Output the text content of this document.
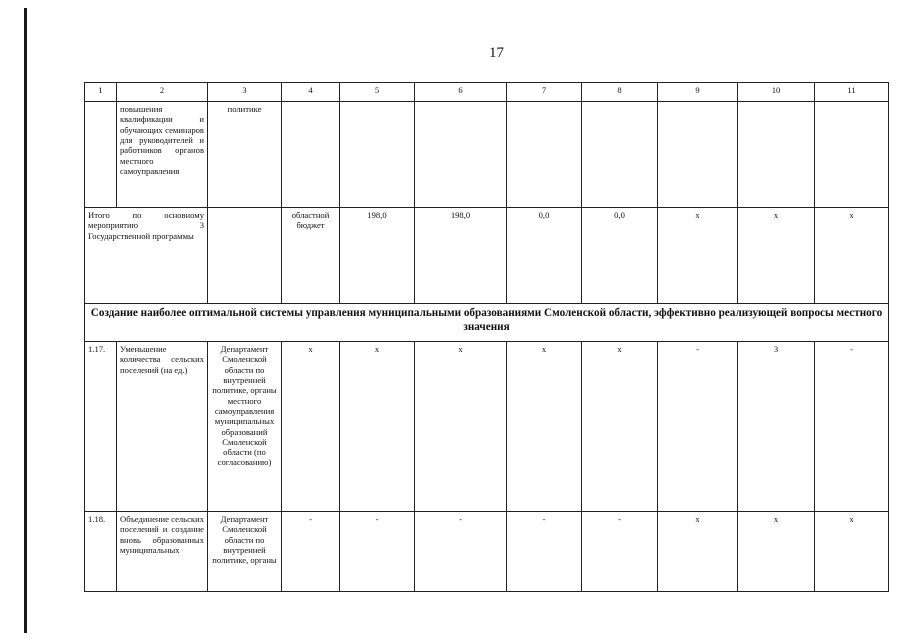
17
1	2	3	4	5	6	7	8	9	10	11
	повышения квалификации и обучающих семинаров для руководителей и работников органов местного самоуправления	политике								
Итого по основному мероприятию 3 Государственной программы			областной бюджет	198,0	198,0	0,0	0,0	x	x	x
Создание наиболее оптимальной системы управления муниципальными образованиями Смоленской области, эффективно реализующей вопросы местного значения										
1.17.	Уменьшение количества сельских поселений (на ед.)	Департамент Смоленской области по внутренней политике, органы местного самоуправления муниципальных образований Смоленской области (по согласованию)	x	x	x	x	x	-	3	-
1.18.	Объединение сельских поселений и создание вновь образованных муниципальных	Департамент Смоленской области по внутренней политике, органы	-	-	-	-	-	x	x	x
